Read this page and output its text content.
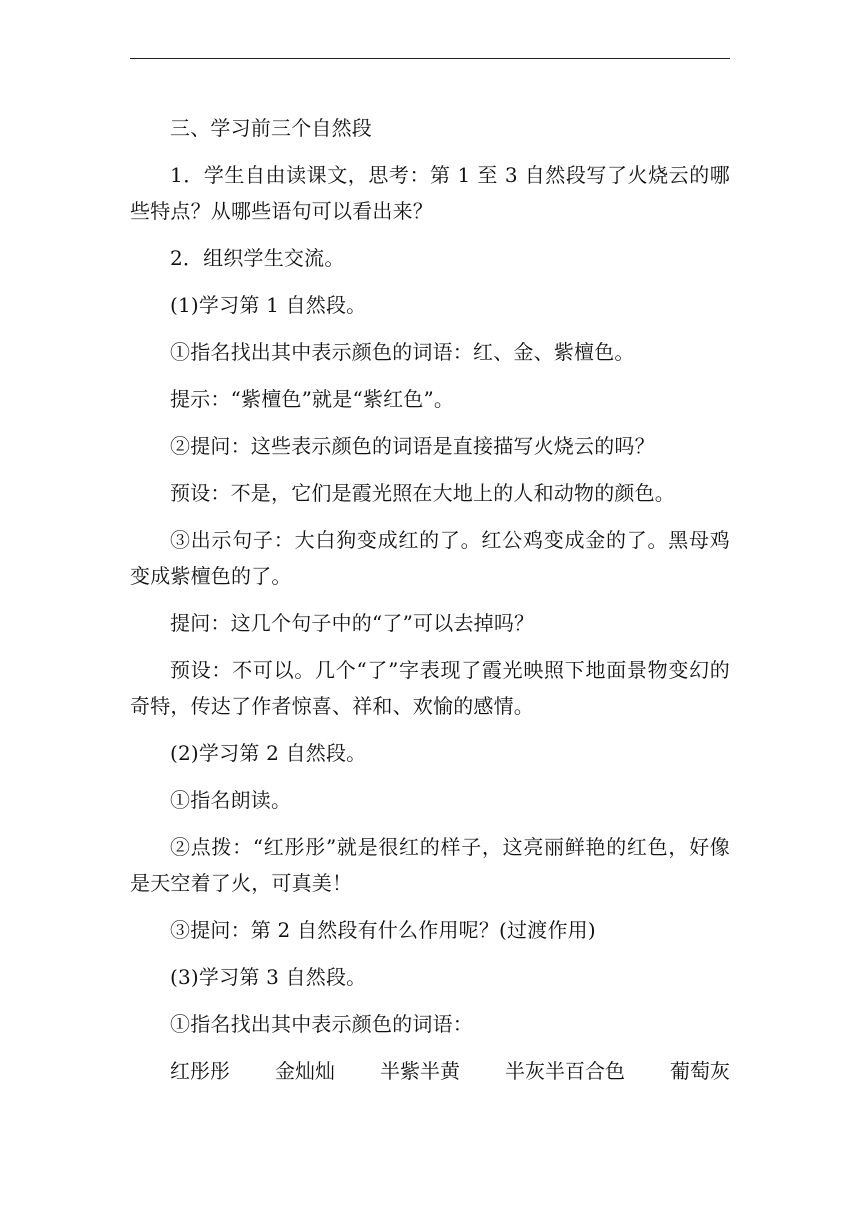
三、学习前三个自然段

1．学生自由读课文，思考：第 1 至 3 自然段写了火烧云的哪些特点？从哪些语句可以看出来？

2．组织学生交流。

(1)学习第 1 自然段。

①指名找出其中表示颜色的词语：红、金、紫檀色。

提示：“紫檀色”就是“紫红色”。

②提问：这些表示颜色的词语是直接描写火烧云的吗？

预设：不是，它们是霞光照在大地上的人和动物的颜色。

③出示句子：大白狗变成红的了。红公鸡变成金的了。黑母鸡变成紫檀色的了。

提问：这几个句子中的“了”可以去掉吗？

预设：不可以。几个“了”字表现了霞光映照下地面景物变幻的奇特，传达了作者惊喜、祥和、欢愉的感情。

(2)学习第 2 自然段。

①指名朗读。

②点拨：“红彤彤”就是很红的样子，这亮丽鲜艳的红色，好像是天空着了火，可真美！

③提问：第 2 自然段有什么作用呢？(过渡作用)

(3)学习第 3 自然段。

①指名找出其中表示颜色的词语：

红彤彤 金灿灿 半紫半黄 半灰半百合色 葡萄灰
